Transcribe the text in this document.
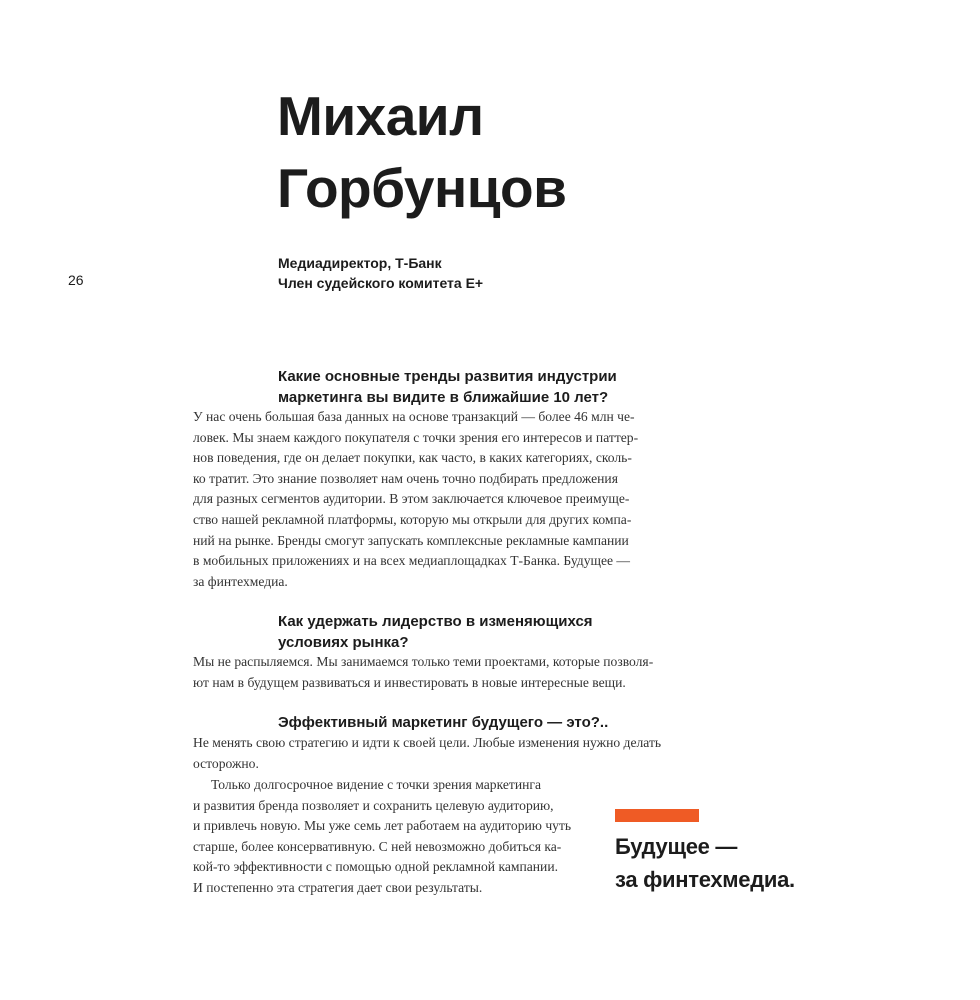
Михаил
Горбунцов
Медиадиректор, Т-Банк
Член судейского комитета Е+
26
Какие основные тренды развития индустрии
маркетинга вы видите в ближайшие 10 лет?

У нас очень большая база данных на основе транзакций — более 46 млн че-
ловек. Мы знаем каждого покупателя с точки зрения его интересов и паттер-
нов поведения, где он делает покупки, как часто, в каких категориях, сколь-
ко тратит. Это знание позволяет нам очень точно подбирать предложения
для разных сегментов аудитории. В этом заключается ключевое преимуще-
ство нашей рекламной платформы, которую мы открыли для других компа-
ний на рынке. Бренды смогут запускать комплексные рекламные кампании
в мобильных приложениях и на всех медиаплощадках Т-Банка. Будущее —
за финтехмедиа.

Как удержать лидерство в изменяющихся
условиях рынка?

Мы не распыляемся. Мы занимаемся только теми проектами, которые позволя-
ют нам в будущем развиваться и инвестировать в новые интересные вещи.

Эффективный маркетинг будущего — это?..

Не менять свою стратегию и идти к своей цели. Любые изменения нужно делать
осторожно.

Только долгосрочное видение с точки зрения маркетинга
и развития бренда позволяет и сохранить целевую аудиторию,
и привлечь новую. Мы уже семь лет работаем на аудиторию чуть
старше, более консервативную. С ней невозможно добиться ка-
кой-то эффективности с помощью одной рекламной кампании.
И постепенно эта стратегия дает свои результаты.

Будущее —
за финтехмедиа.
